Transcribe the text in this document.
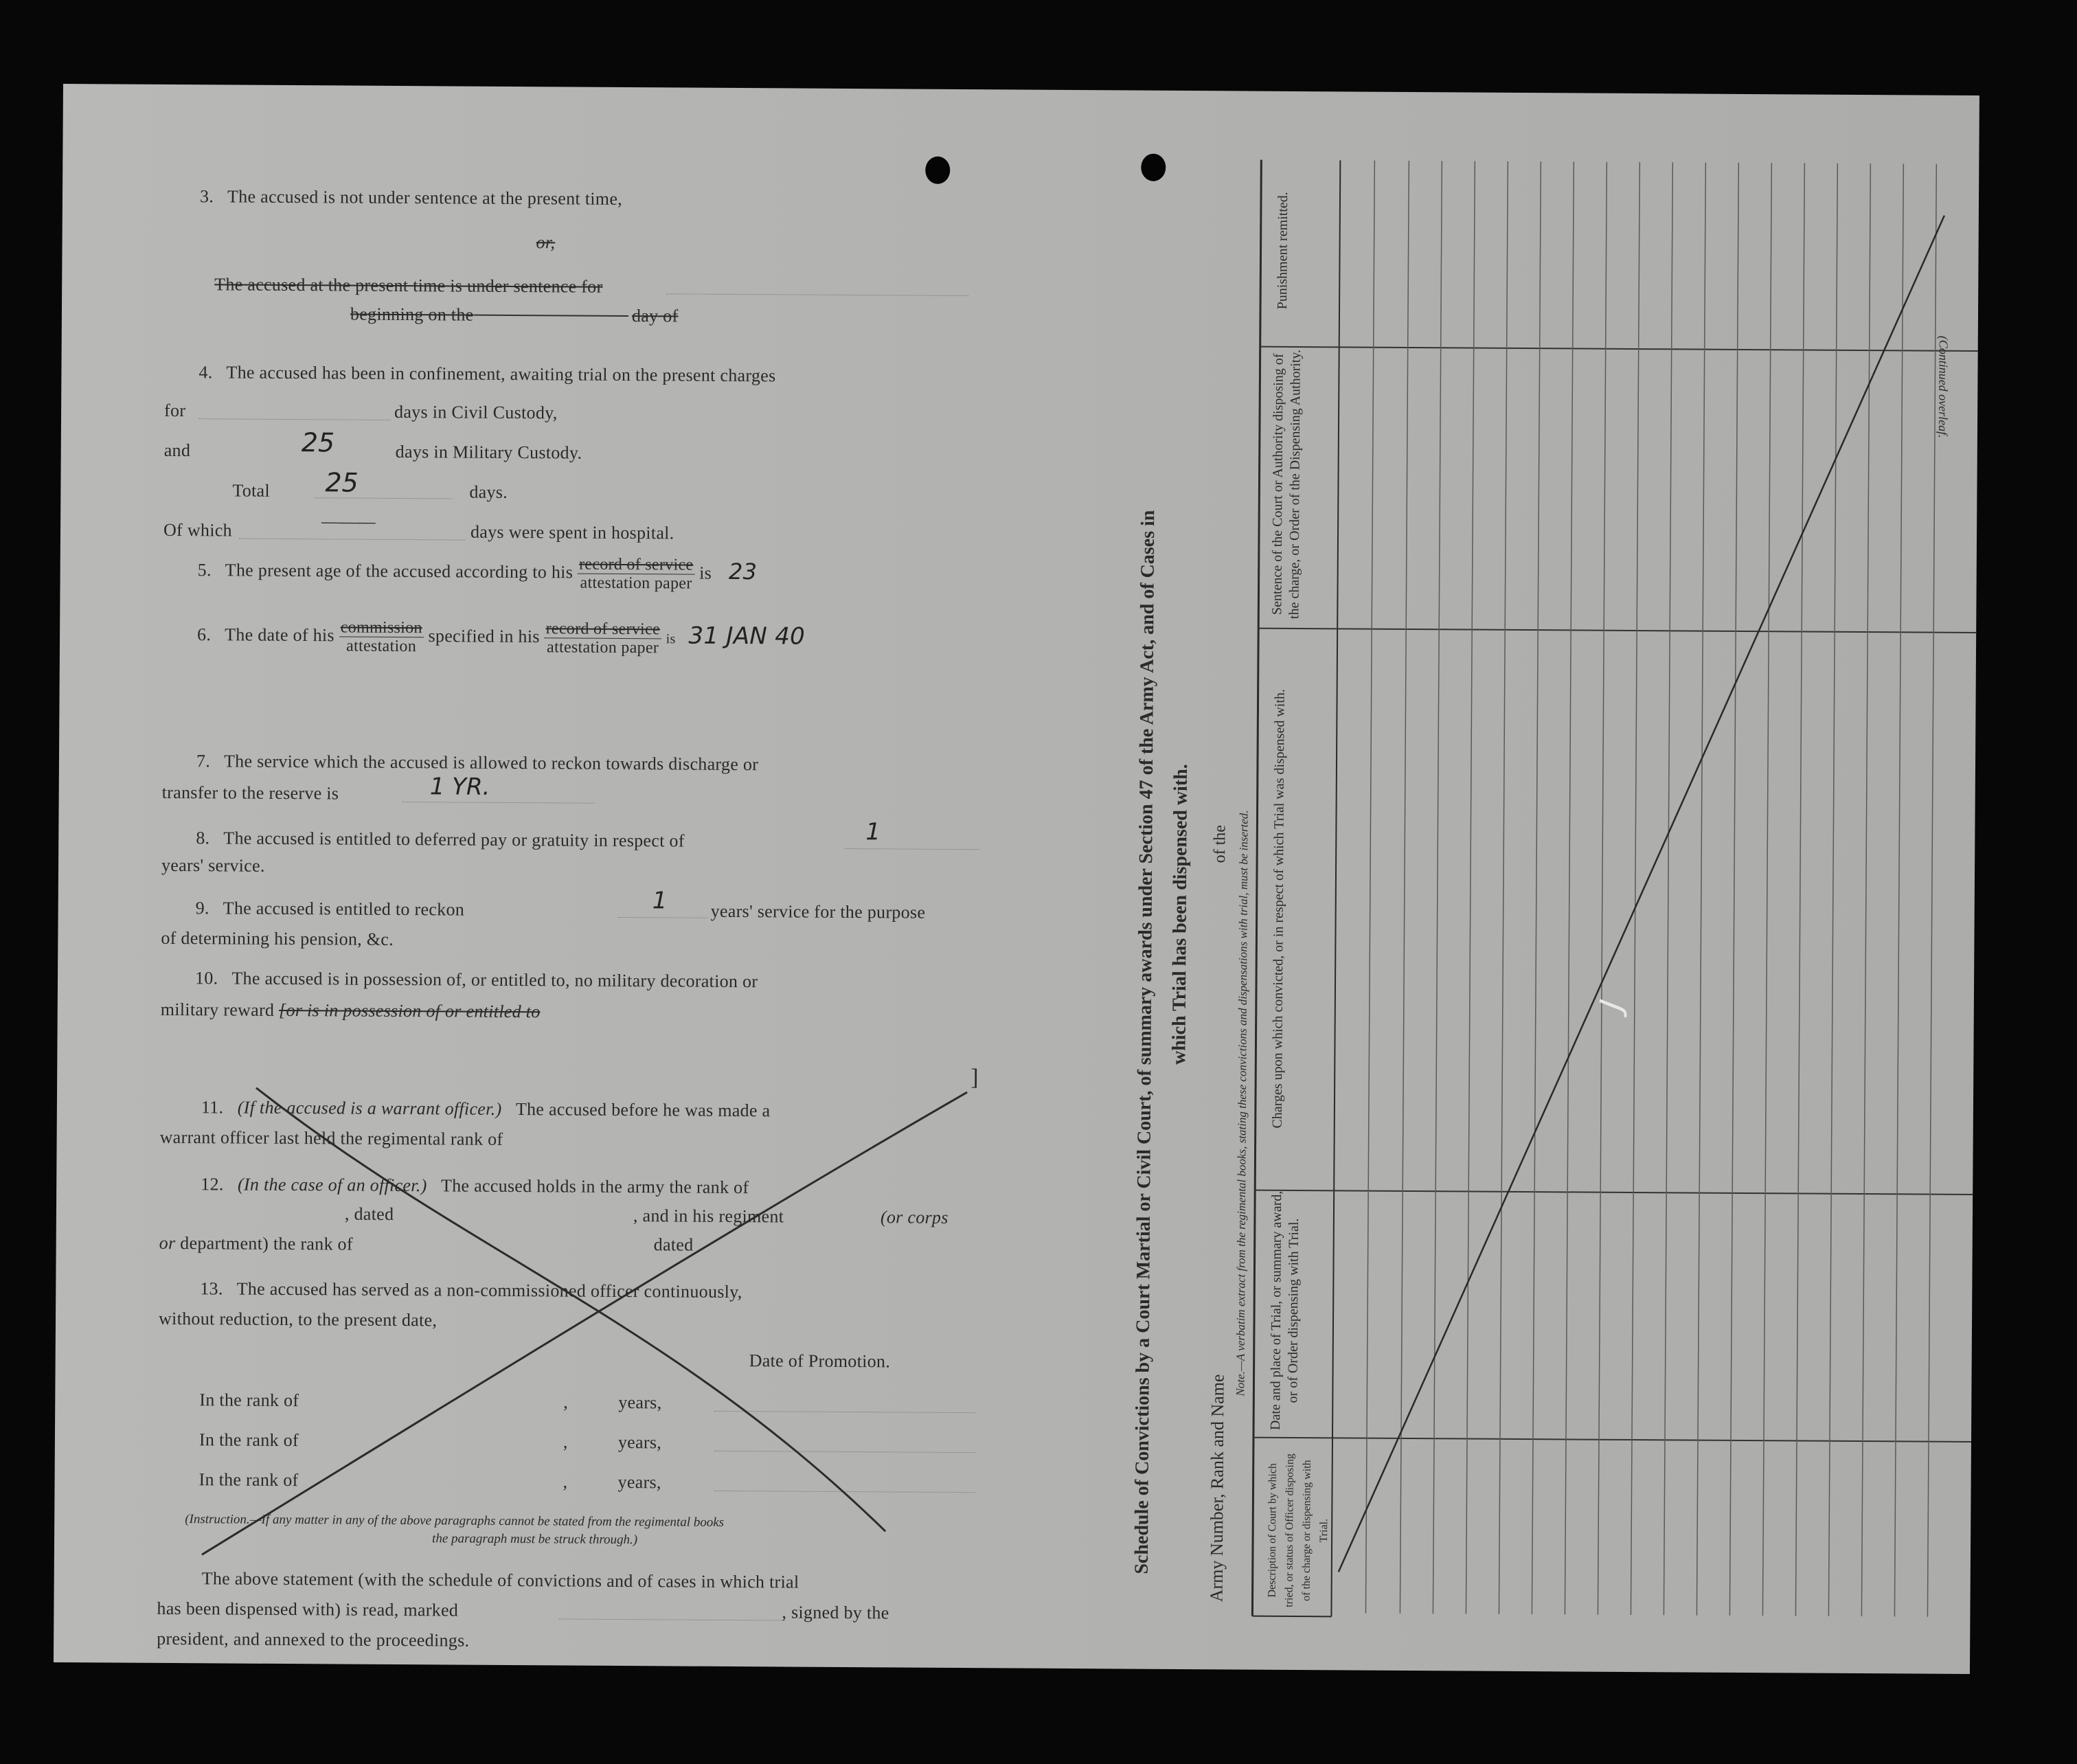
3. The accused is not under sentence at the present time,
or,
The accused at the present time is under sentence for
beginning on the	day of
4. The accused has been in confinement, awaiting trial on the present charges
for	days in Civil Custody,
and	25	days in Military Custody.
Total 25	days.
Of which	———
days were spent in hospital.
5. The present age of the accused according to his $\frac{\text{record of service}}{\text{attestation paper}}$ is 23
6. The date of his $\frac{\text{commission}}{\text{attestation}}$ specified in his $\frac{\text{record of service}}{\text{attestation paper}}$ is 31 JAN 40
7. The service which the accused is allowed to reckon towards discharge or
transfer to the reserve is	1 YR.
8. The accused is entitled to deferred pay or gratuity in respect of	1
years' service.
9. The accused is entitled to reckon	1 years' service for the purpose
of determining his pension, &c.
10. The accused is in possession of, or entitled to, no military decoration or
military reward [or is in possession of or entitled to
]
11. (If the accused is a warrant officer.) The accused before he was made a
warrant officer last held the regimental rank of
12. (In the case of an officer.) The accused holds in the army the rank of
, dated	, and in his regiment	(or corps
or department) the rank of	dated
13. The accused has served as a non-commissioned officer continuously,
without reduction, to the present date,
Date of Promotion.
In the rank of	,	years,
In the rank of	,	years,
In the rank of	,	years,
(Instruction.—If any matter in any of the above paragraphs cannot be stated from the regimental books
the paragraph must be struck through.)
The above statement (with the schedule of convictions and of cases in which trial
has been dispensed with) is read, marked	, signed by the
president, and annexed to the proceedings.
Schedule of Convictions by a Court Martial or Civil Court, of summary awards under Section 47 of the Army Act, and of Cases in which Trial has been dispensed with.
Army Number, Rank and Name
of the Note.—A verbatim extract from the regimental books, stating these convictions and dispensations with trial, must be inserted.
Description of Court by which tried, or status of Officer disposing of the charge or dispensing with Trial.
Date and place of Trial, or summary award, or of Order dispensing with Trial.
Charges upon which convicted, or in respect of which Trial was dispensed with.
Sentence of the Court or Authority disposing of the charge, or Order of the Dispensing Authority.
Punishment remitted.
J
(Continued overleaf.
